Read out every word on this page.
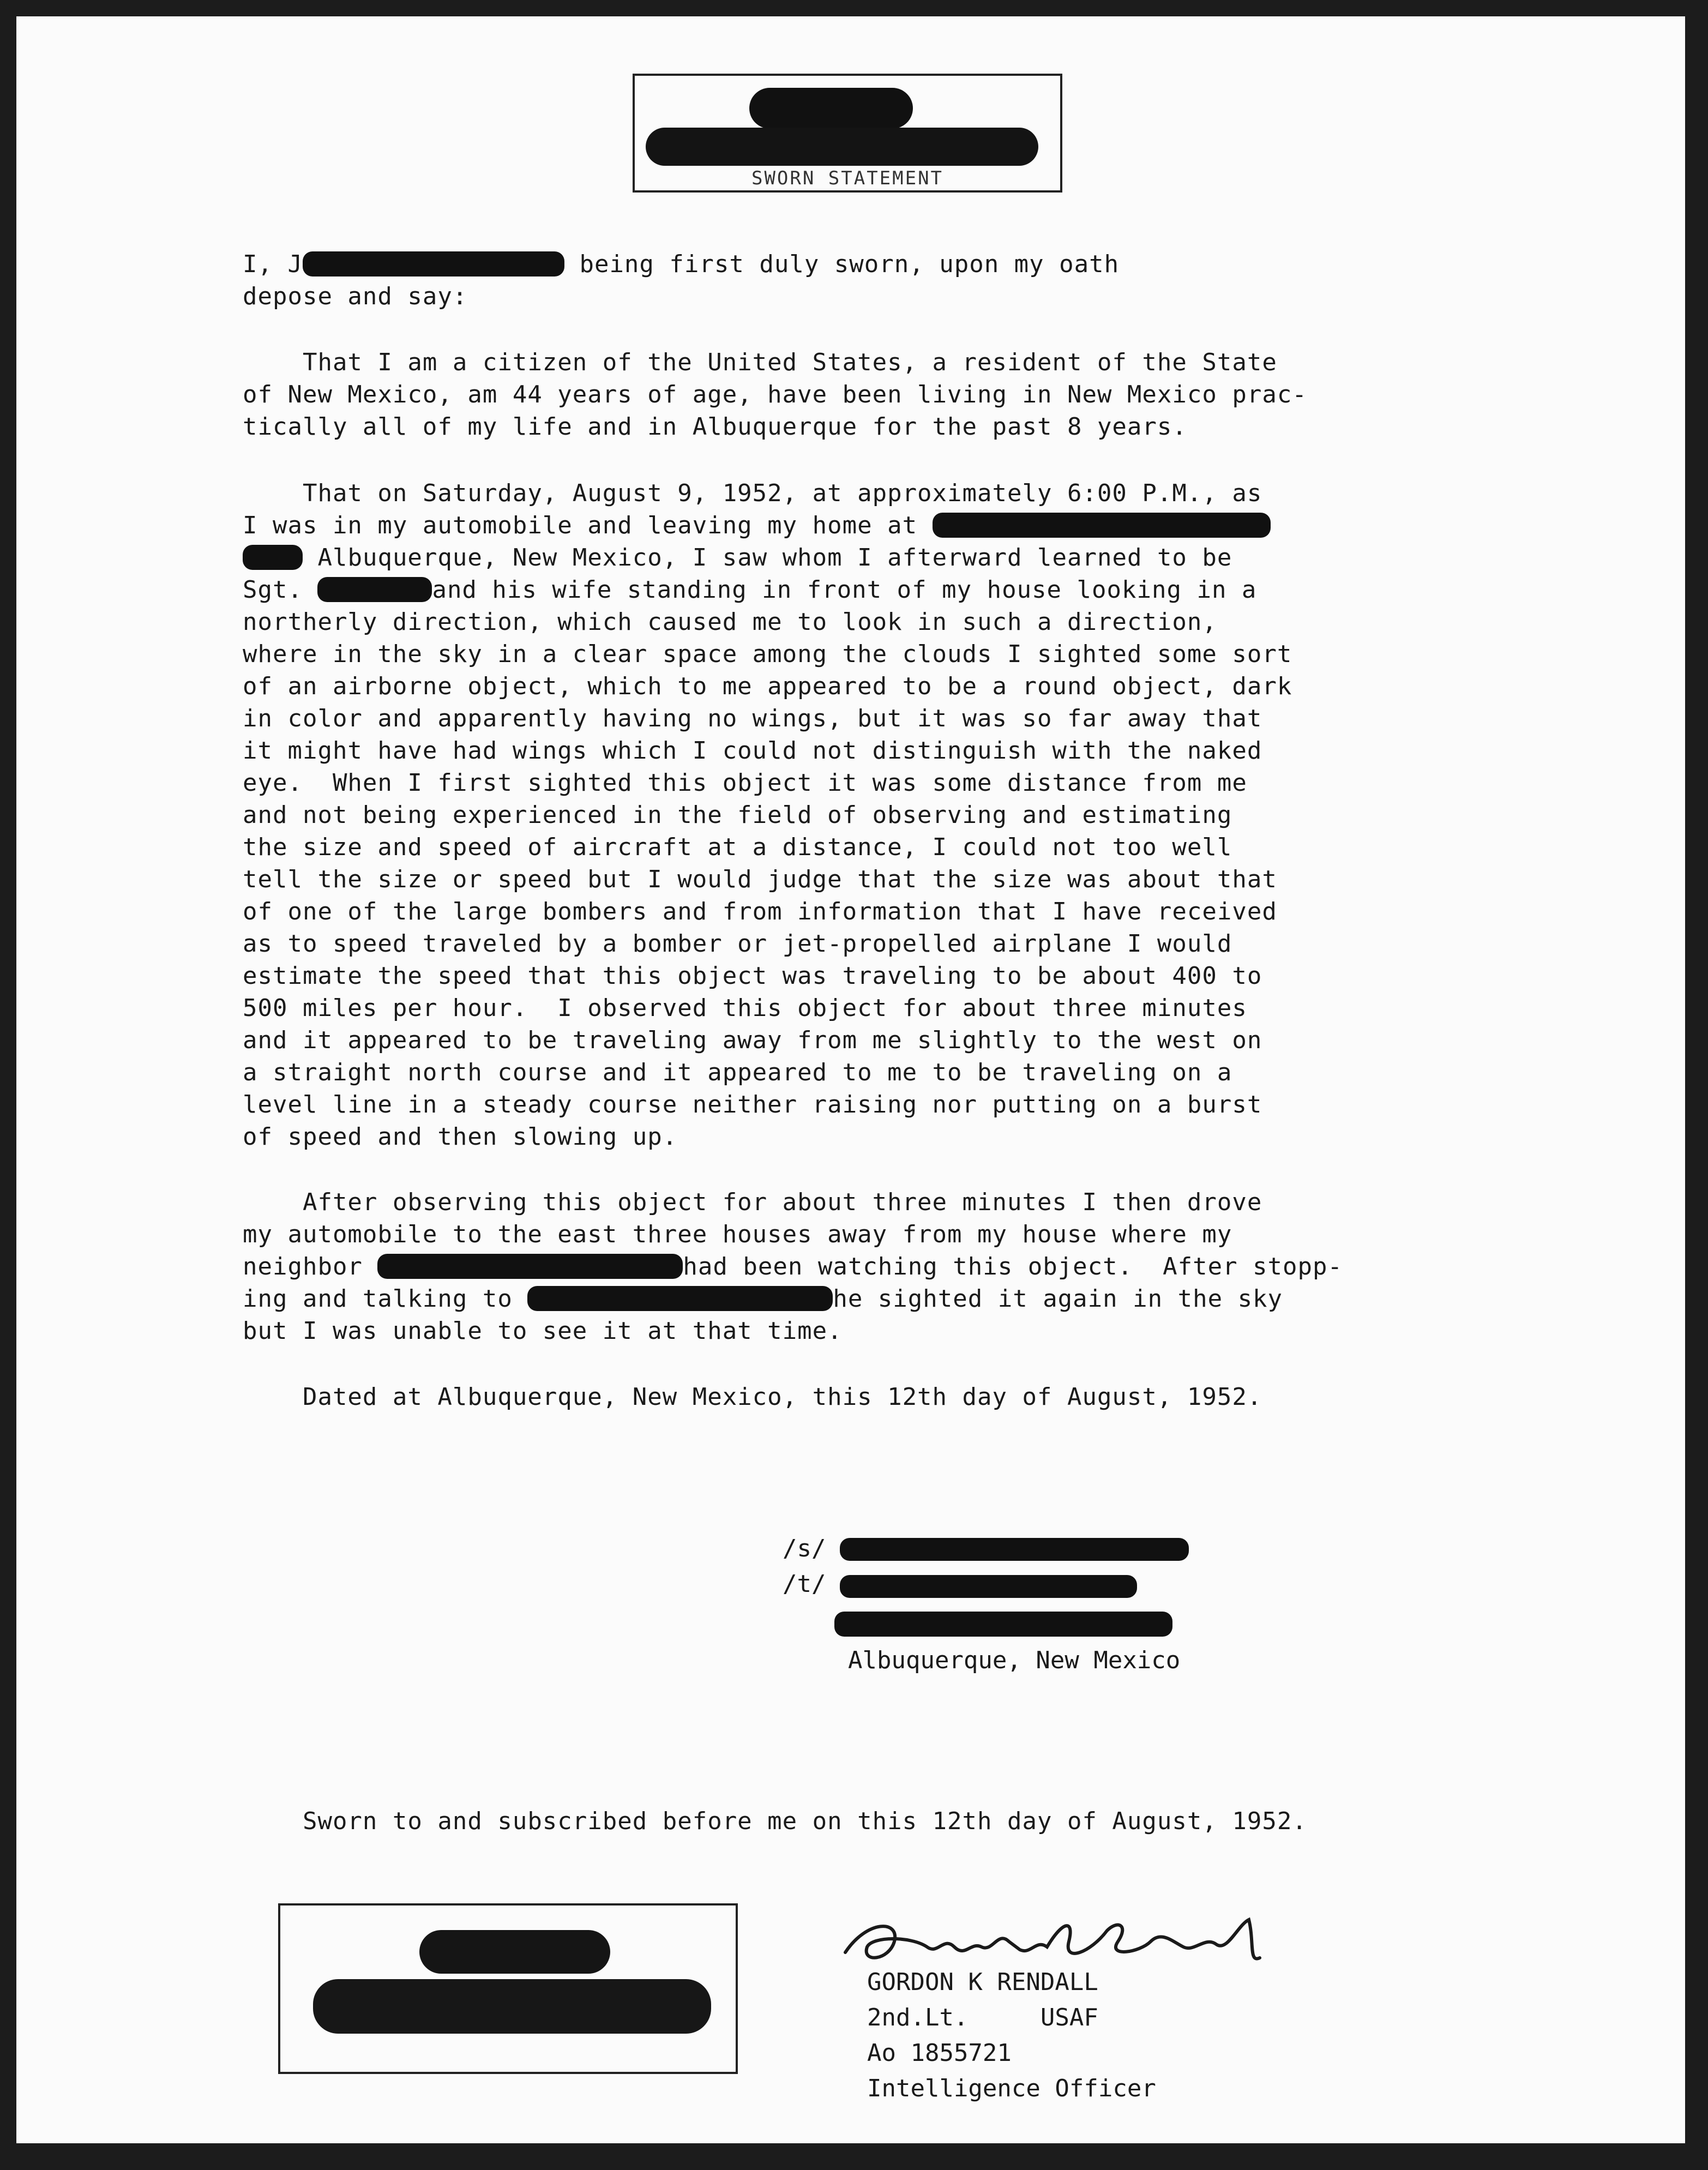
SWORN STATEMENT
I, J	being first duly sworn, upon my oath
depose and say:
That I am a citizen of the United States, a resident of the State
of New Mexico, am 44 years of age, have been living in New Mexico prac-
tically all of my life and in Albuquerque for the past 8 years.
That on Saturday, August 9, 1952, at approximately 6:00 P.M., as
I was in my automobile and leaving my home at
Albuquerque, New Mexico, I saw whom I afterward learned to be
Sgt.	and his wife standing in front of my house looking in a
northerly direction, which caused me to look in such a direction,
where in the sky in a clear space among the clouds I sighted some sort
of an airborne object, which to me appeared to be a round object, dark
in color and apparently having no wings, but it was so far away that
it might have had wings which I could not distinguish with the naked
eye.  When I first sighted this object it was some distance from me
and not being experienced in the field of observing and estimating
the size and speed of aircraft at a distance, I could not too well
tell the size or speed but I would judge that the size was about that
of one of the large bombers and from information that I have received
as to speed traveled by a bomber or jet-propelled airplane I would
estimate the speed that this object was traveling to be about 400 to
500 miles per hour.  I observed this object for about three minutes
and it appeared to be traveling away from me slightly to the west on
a straight north course and it appeared to me to be traveling on a
level line in a steady course neither raising nor putting on a burst
of speed and then slowing up.
After observing this object for about three minutes I then drove
my automobile to the east three houses away from my house where my
neighbor	had been watching this object.  After stopp-
ing and talking to	he sighted it again in the sky
but I was unable to see it at that time.
Dated at Albuquerque, New Mexico, this 12th day of August, 1952.
/s/
/t/
Albuquerque, New Mexico
Sworn to and subscribed before me on this 12th day of August, 1952.
GORDON K RENDALL
2nd.Lt.     USAF
Ao 1855721
Intelligence Officer
